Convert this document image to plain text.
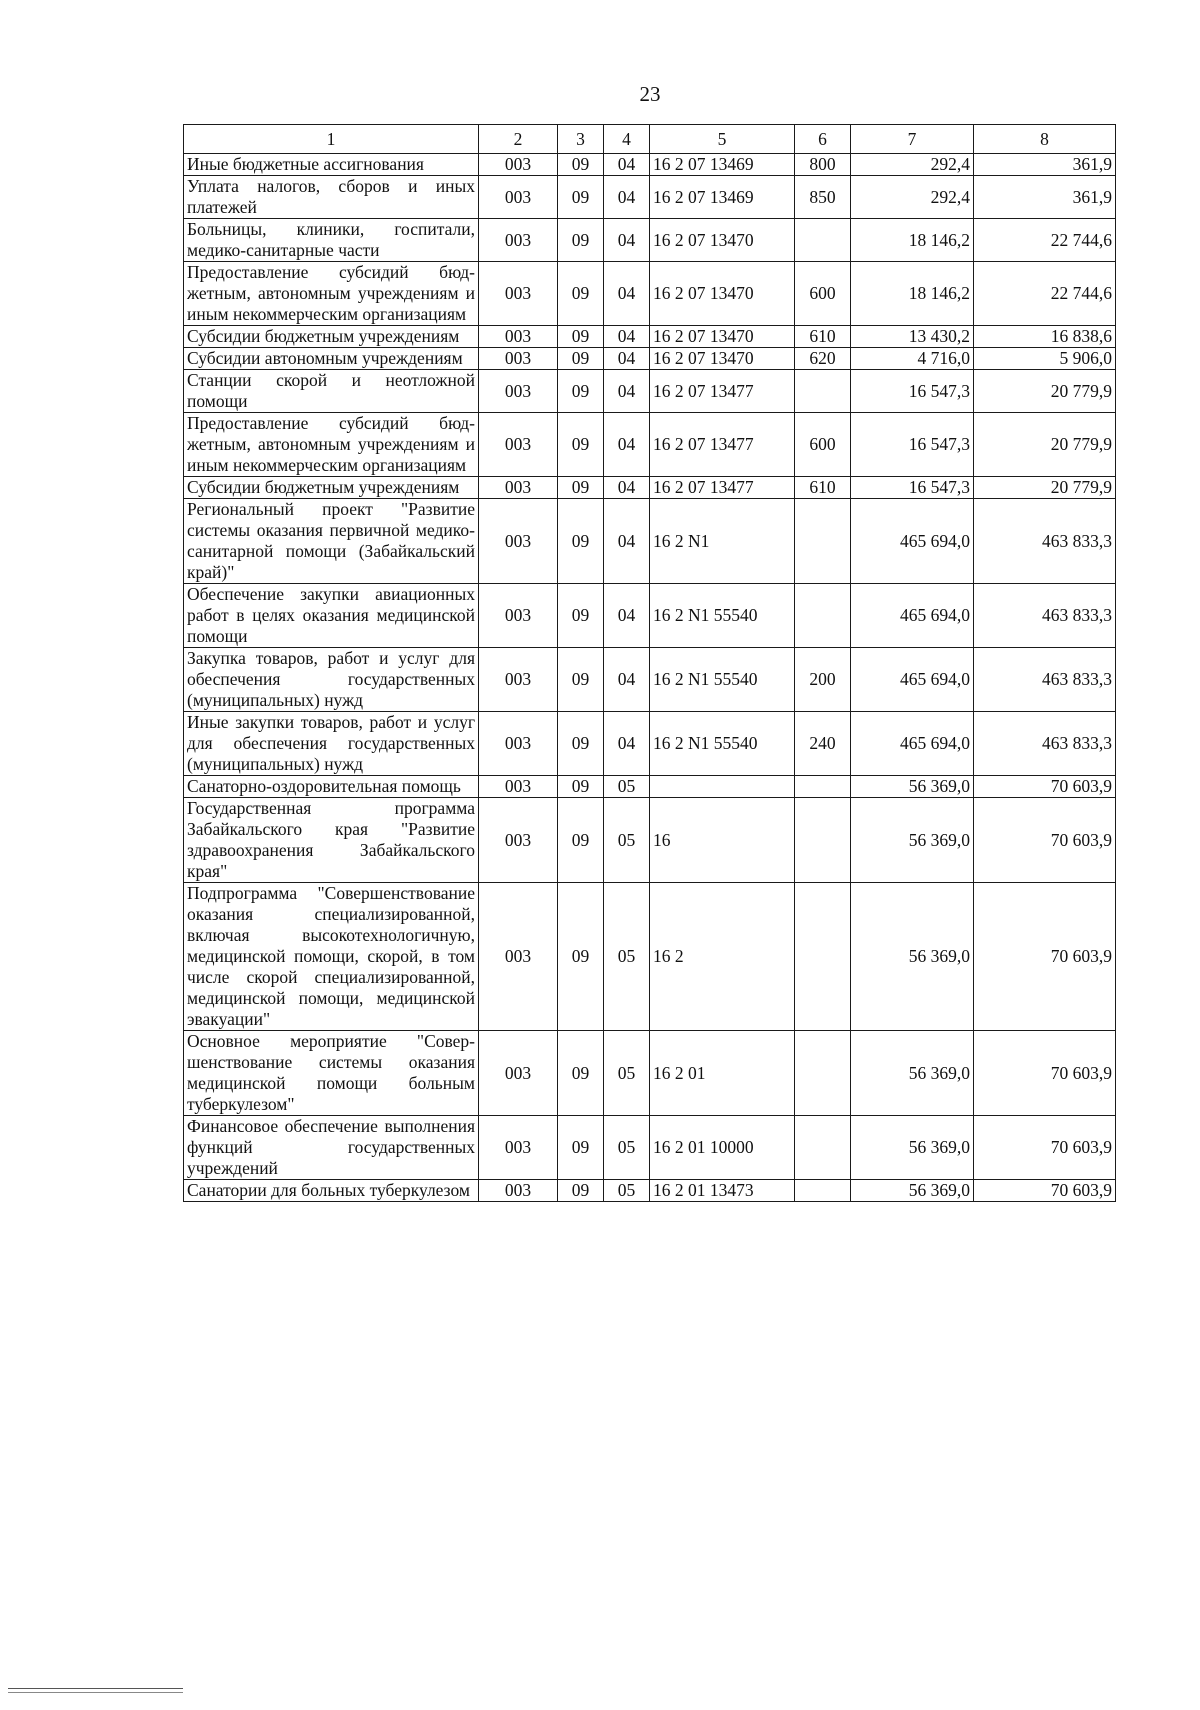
23
1	2	3	4	5	6	7	8
Иные бюджетные ассигнования	003	09	04	16 2 07 13469	800	292,4	361,9
Уплата налогов, сборов и иных платежей	003	09	04	16 2 07 13469	850	292,4	361,9
Больницы, клиники, госпитали, медико-санитарные части	003	09	04	16 2 07 13470		18 146,2	22 744,6
Предоставление субсидий бюджетным, автономным учреждениям и иным некоммерческим организациям	003	09	04	16 2 07 13470	600	18 146,2	22 744,6
Субсидии бюджетным учреждениям	003	09	04	16 2 07 13470	610	13 430,2	16 838,6
Субсидии автономным учреждениям	003	09	04	16 2 07 13470	620	4 716,0	5 906,0
Станции скорой и неотложной помощи	003	09	04	16 2 07 13477		16 547,3	20 779,9
Предоставление субсидий бюджетным, автономным учреждениям и иным некоммерческим организациям	003	09	04	16 2 07 13477	600	16 547,3	20 779,9
Субсидии бюджетным учреждениям	003	09	04	16 2 07 13477	610	16 547,3	20 779,9
Региональный проект "Развитие системы оказания первичной медико-санитарной помощи (Забайкальский край)"	003	09	04	16 2 N1		465 694,0	463 833,3
Обеспечение закупки авиационных работ в целях оказания медицинской помощи	003	09	04	16 2 N1 55540		465 694,0	463 833,3
Закупка товаров, работ и услуг для обеспечения государственных (муниципальных) нужд	003	09	04	16 2 N1 55540	200	465 694,0	463 833,3
Иные закупки товаров, работ и услуг для обеспечения государственных (муниципальных) нужд	003	09	04	16 2 N1 55540	240	465 694,0	463 833,3
Санаторно-оздоровительная помощь	003	09	05			56 369,0	70 603,9
Государственная программа Забайкальского края "Развитие здравоохранения Забайкальского края"	003	09	05	16		56 369,0	70 603,9
Подпрограмма "Совершенствование оказания специализированной, включая высокотехнологичную, медицинской помощи, скорой, в том числе скорой специализированной, медицинской помощи, медицинской эвакуации"	003	09	05	16 2		56 369,0	70 603,9
Основное мероприятие "Совершенствование системы оказания медицинской помощи больным туберкулезом"	003	09	05	16 2 01		56 369,0	70 603,9
Финансовое обеспечение выполнения функций государственных учреждений	003	09	05	16 2 01 10000		56 369,0	70 603,9
Санатории для больных туберкулезом	003	09	05	16 2 01 13473		56 369,0	70 603,9
